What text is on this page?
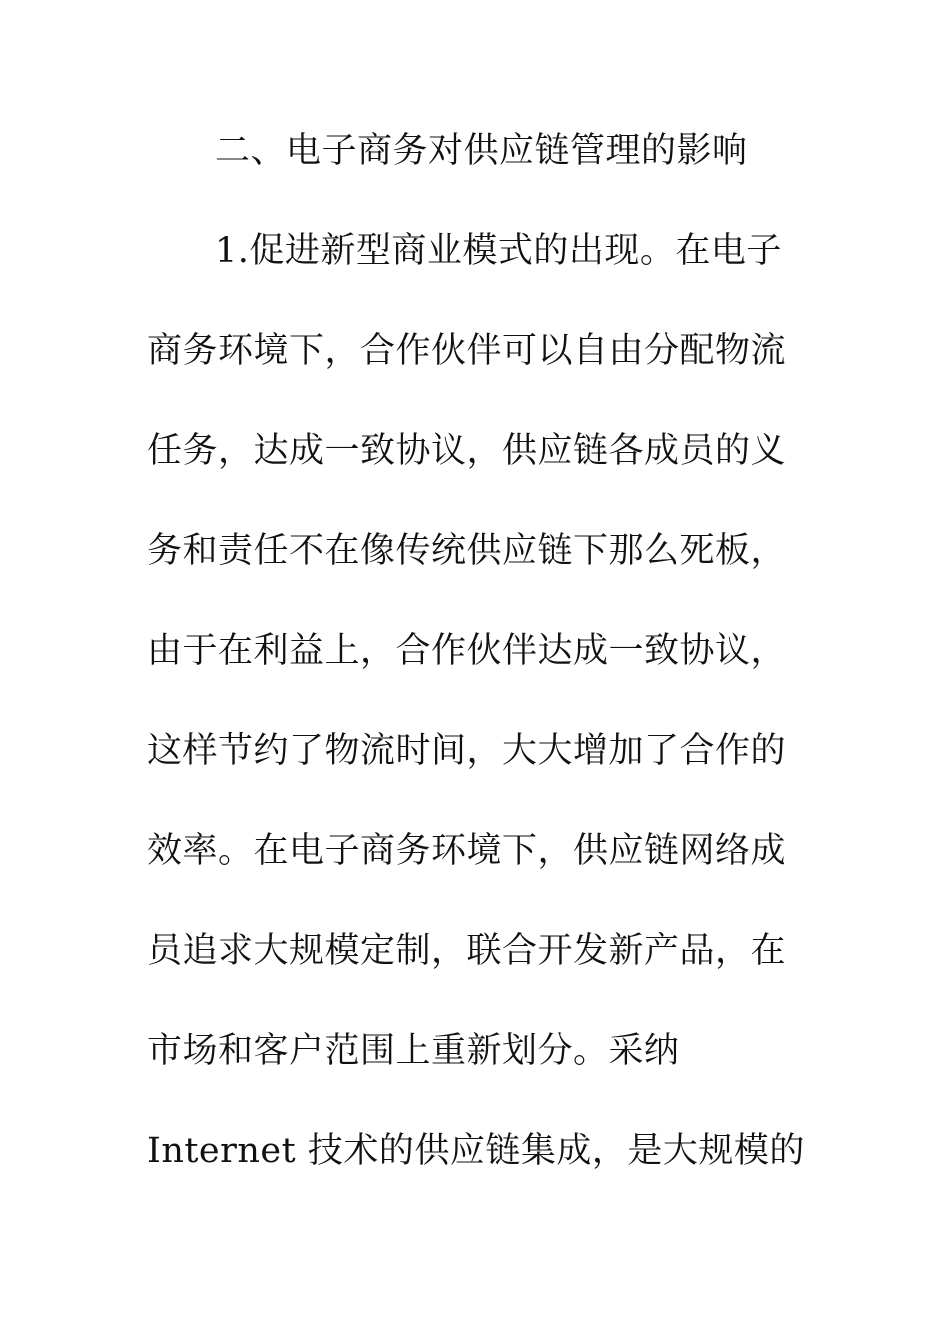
二、电子商务对供应链管理的影响
1.促进新型商业模式的出现。在电子
商务环境下，合作伙伴可以自由分配物流
任务，达成一致协议，供应链各成员的义
务和责任不在像传统供应链下那么死板，
由于在利益上，合作伙伴达成一致协议，
这样节约了物流时间，大大增加了合作的
效率。在电子商务环境下，供应链网络成
员追求大规模定制，联合开发新产品，在
市场和客户范围上重新划分。采纳
Internet 技术的供应链集成，是大规模的
